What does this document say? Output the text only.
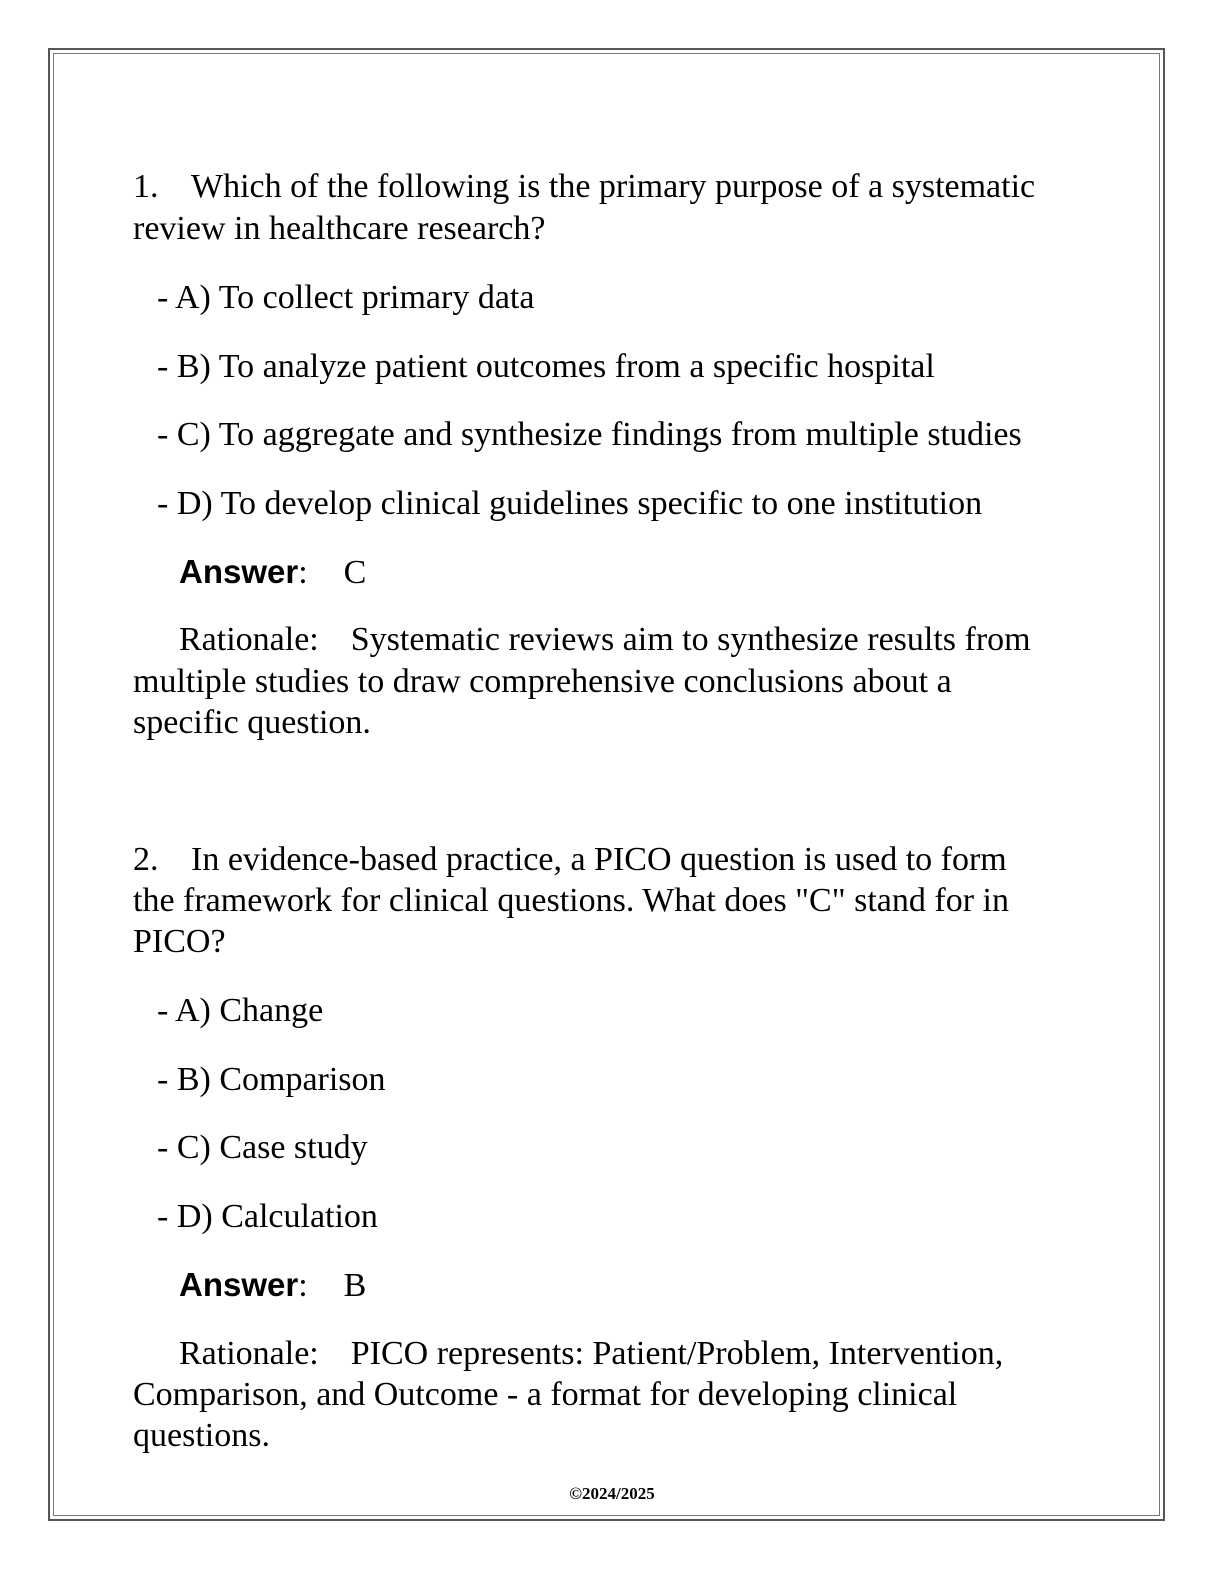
1. Which of the following is the primary purpose of a systematic
review in healthcare research?
- A) To collect primary data
- B) To analyze patient outcomes from a specific hospital
- C) To aggregate and synthesize findings from multiple studies
- D) To develop clinical guidelines specific to one institution
Answer: C
Rationale: Systematic reviews aim to synthesize results from
multiple studies to draw comprehensive conclusions about a
specific question.
2. In evidence-based practice, a PICO question is used to form
the framework for clinical questions. What does "C" stand for in
PICO?
- A) Change
- B) Comparison
- C) Case study
- D) Calculation
Answer: B
Rationale: PICO represents: Patient/Problem, Intervention,
Comparison, and Outcome - a format for developing clinical
questions.
©2024/2025
